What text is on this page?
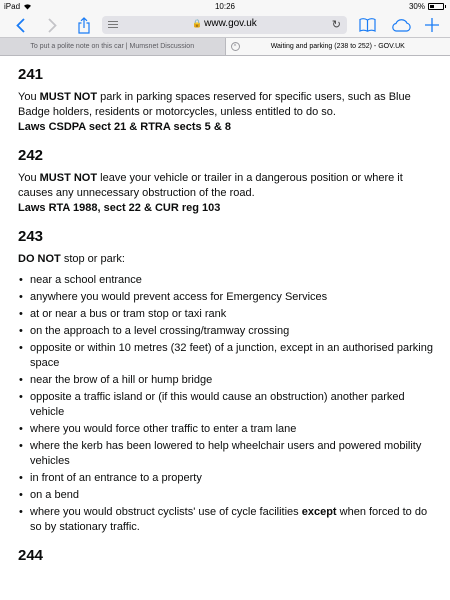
iPad	10:26	30%
🔒 www.gov.uk	↻
To put a polite note on this car | Mumsnet Discussion	×	Waiting and parking (238 to 252) - GOV.UK
241

You MUST NOT park in parking spaces reserved for specific users, such as Blue Badge holders, residents or motorcycles, unless entitled to do so.

Laws CSDPA sect 21 & RTRA sects 5 & 8

242

You MUST NOT leave your vehicle or trailer in a dangerous position or where it causes any unnecessary obstruction of the road.

Laws RTA 1988, sect 22 & CUR reg 103

243

DO NOT stop or park:

• near a school entrance
• anywhere you would prevent access for Emergency Services
• at or near a bus or tram stop or taxi rank
• on the approach to a level crossing/tramway crossing
• opposite or within 10 metres (32 feet) of a junction, except in an authorised parking space
• near the brow of a hill or hump bridge
• opposite a traffic island or (if this would cause an obstruction) another parked vehicle
• where you would force other traffic to enter a tram lane
• where the kerb has been lowered to help wheelchair users and powered mobility vehicles
• in front of an entrance to a property
• on a bend
• where you would obstruct cyclists' use of cycle facilities except when forced to do so by stationary traffic.
244
